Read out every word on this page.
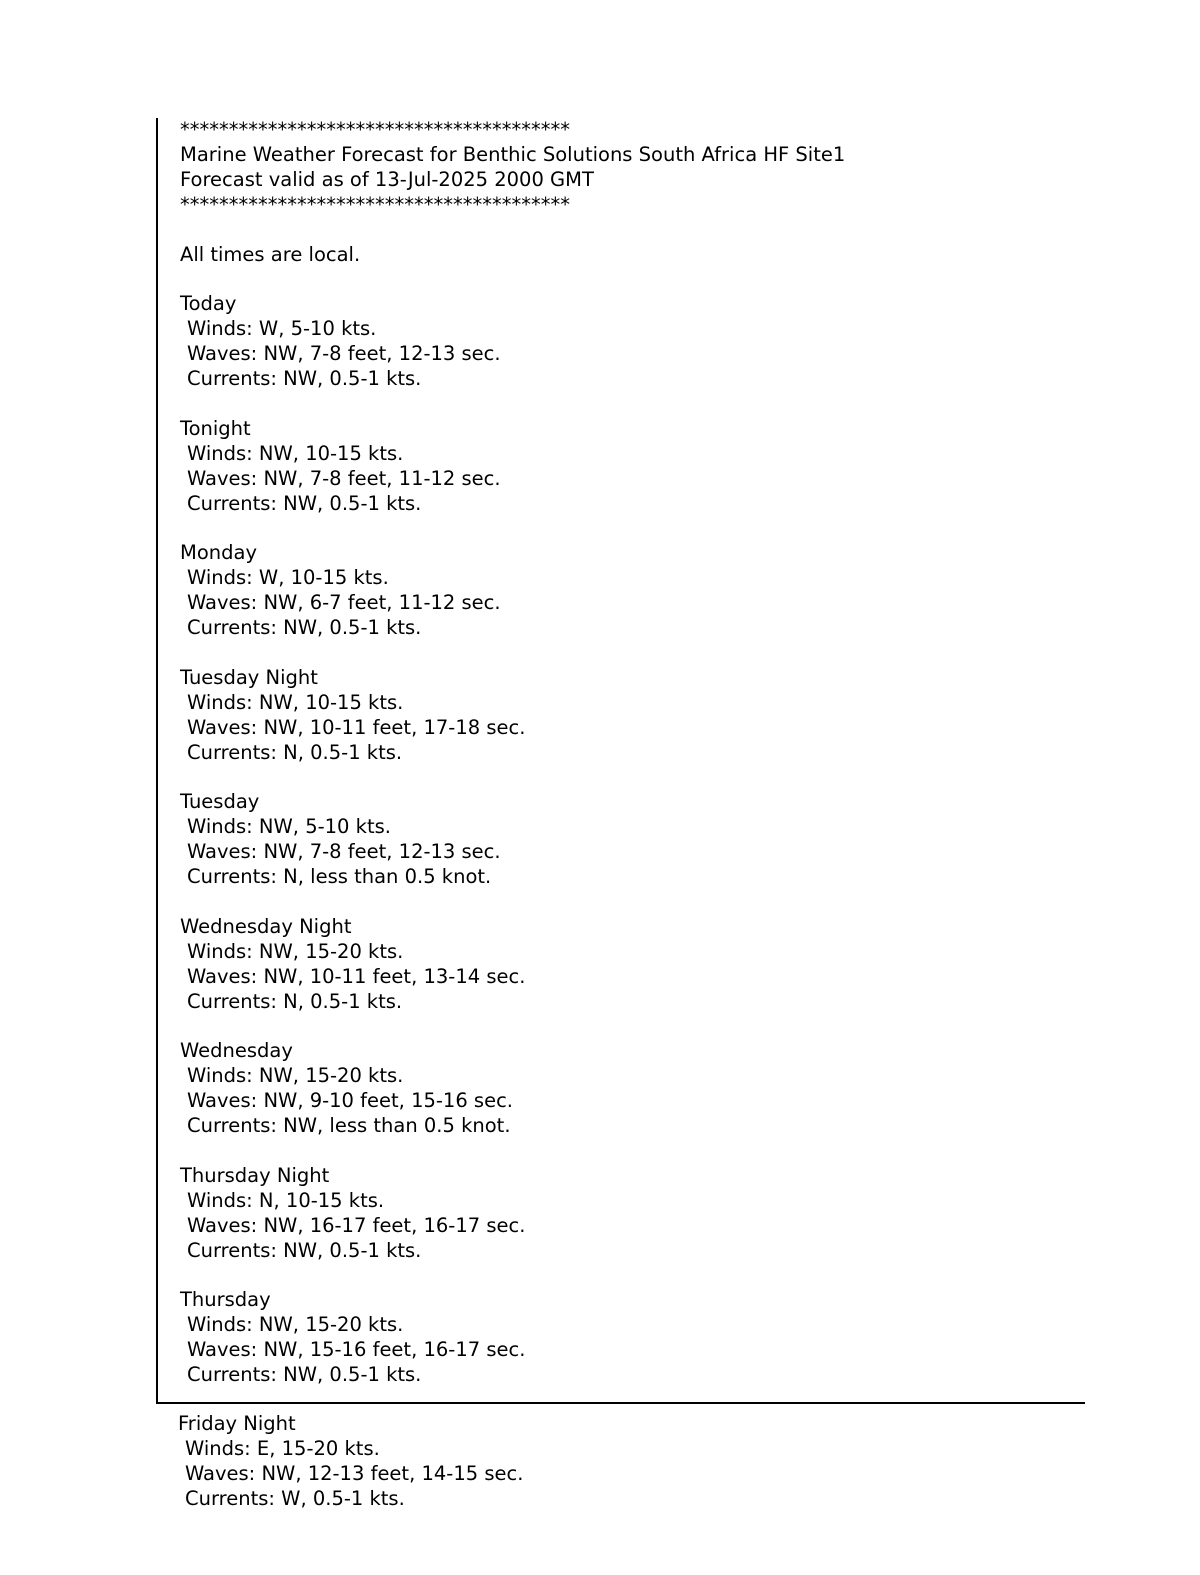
****************************************
Marine Weather Forecast for Benthic Solutions South Africa HF Site1
Forecast valid as of 13-Jul-2025 2000 GMT
****************************************
All times are local.
Today
Winds: W, 5-10 kts.
Waves: NW, 7-8 feet, 12-13 sec.
Currents: NW, 0.5-1 kts.
Tonight
Winds: NW, 10-15 kts.
Waves: NW, 7-8 feet, 11-12 sec.
Currents: NW, 0.5-1 kts.
Monday
Winds: W, 10-15 kts.
Waves: NW, 6-7 feet, 11-12 sec.
Currents: NW, 0.5-1 kts.
Tuesday Night
Winds: NW, 10-15 kts.
Waves: NW, 10-11 feet, 17-18 sec.
Currents: N, 0.5-1 kts.
Tuesday
Winds: NW, 5-10 kts.
Waves: NW, 7-8 feet, 12-13 sec.
Currents: N, less than 0.5 knot.
Wednesday Night
Winds: NW, 15-20 kts.
Waves: NW, 10-11 feet, 13-14 sec.
Currents: N, 0.5-1 kts.
Wednesday
Winds: NW, 15-20 kts.
Waves: NW, 9-10 feet, 15-16 sec.
Currents: NW, less than 0.5 knot.
Thursday Night
Winds: N, 10-15 kts.
Waves: NW, 16-17 feet, 16-17 sec.
Currents: NW, 0.5-1 kts.
Thursday
Winds: NW, 15-20 kts.
Waves: NW, 15-16 feet, 16-17 sec.
Currents: NW, 0.5-1 kts.
Friday Night
Winds: E, 15-20 kts.
Waves: NW, 12-13 feet, 14-15 sec.
Currents: W, 0.5-1 kts.
